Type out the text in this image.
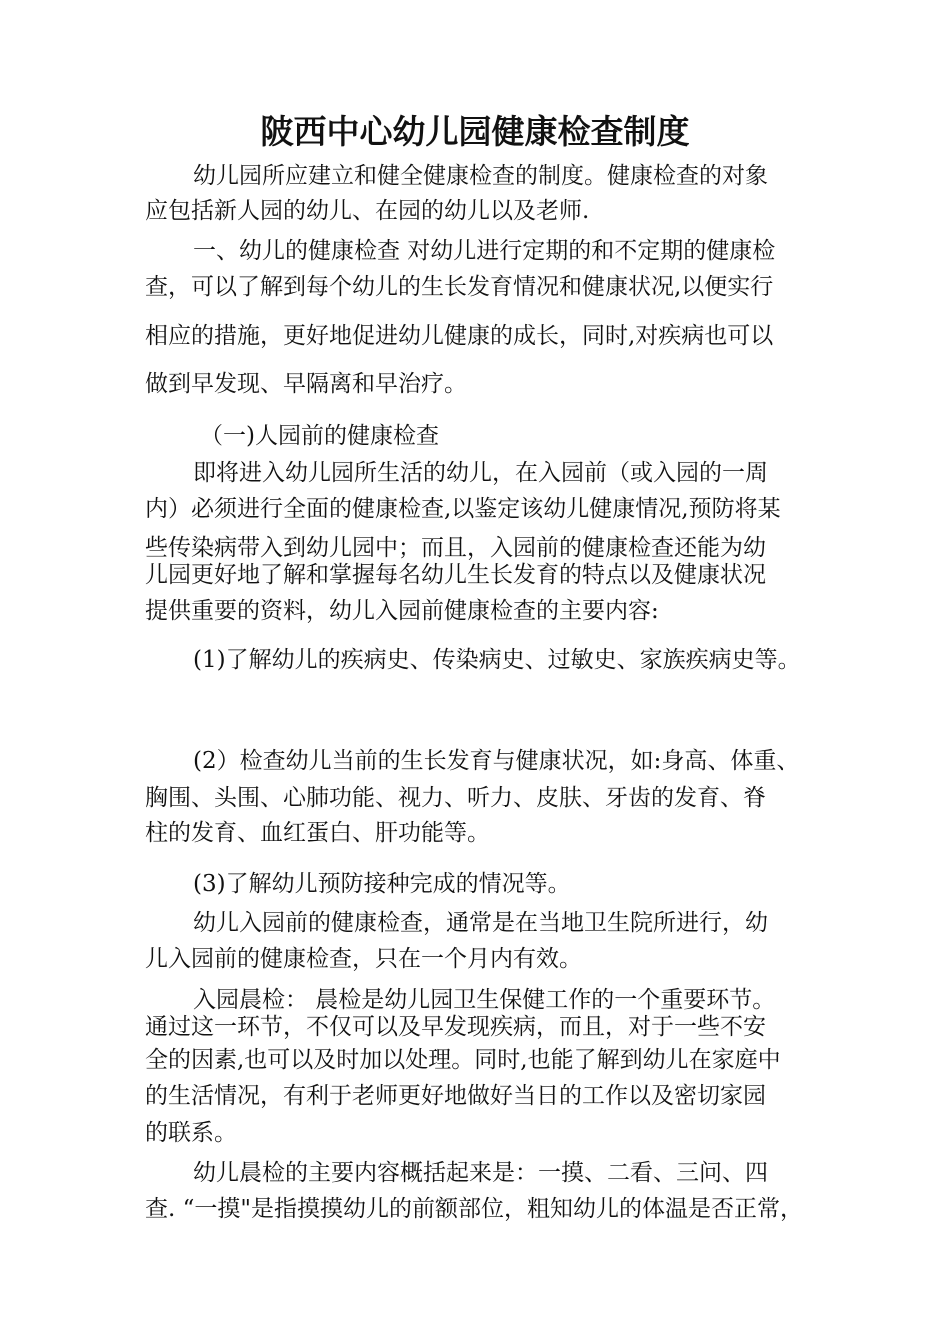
陂西中心幼儿园健康检查制度
幼儿园所应建立和健全健康检查的制度。健康检查的对象
应包括新人园的幼儿、在园的幼儿以及老师.
一、幼儿的健康检查 对幼儿进行定期的和不定期的健康检
查，可以了解到每个幼儿的生长发育情况和健康状况,以便实行
相应的措施，更好地促进幼儿健康的成长，同时,对疾病也可以
做到早发现、早隔离和早治疗。
（一)人园前的健康检查
即将进入幼儿园所生活的幼儿，在入园前（或入园的一周
内）必须进行全面的健康检查,以鉴定该幼儿健康情况,预防将某
些传染病带入到幼儿园中；而且，入园前的健康检查还能为幼
儿园更好地了解和掌握每名幼儿生长发育的特点以及健康状况
提供重要的资料，幼儿入园前健康检查的主要内容:
(1)了解幼儿的疾病史、传染病史、过敏史、家族疾病史等。
(2）检查幼儿当前的生长发育与健康状况，如:身高、体重、
胸围、头围、心肺功能、视力、听力、皮肤、牙齿的发育、脊
柱的发育、血红蛋白、肝功能等。
(3)了解幼儿预防接种完成的情况等。
幼儿入园前的健康检查，通常是在当地卫生院所进行，幼
儿入园前的健康检查，只在一个月内有效。
入园晨检： 晨检是幼儿园卫生保健工作的一个重要环节。
通过这一环节，不仅可以及早发现疾病，而且，对于一些不安
全的因素,也可以及时加以处理。同时,也能了解到幼儿在家庭中
的生活情况，有利于老师更好地做好当日的工作以及密切家园
的联系。
幼儿晨检的主要内容概括起来是：一摸、二看、三问、四
查. “一摸"是指摸摸幼儿的前额部位，粗知幼儿的体温是否正常，
